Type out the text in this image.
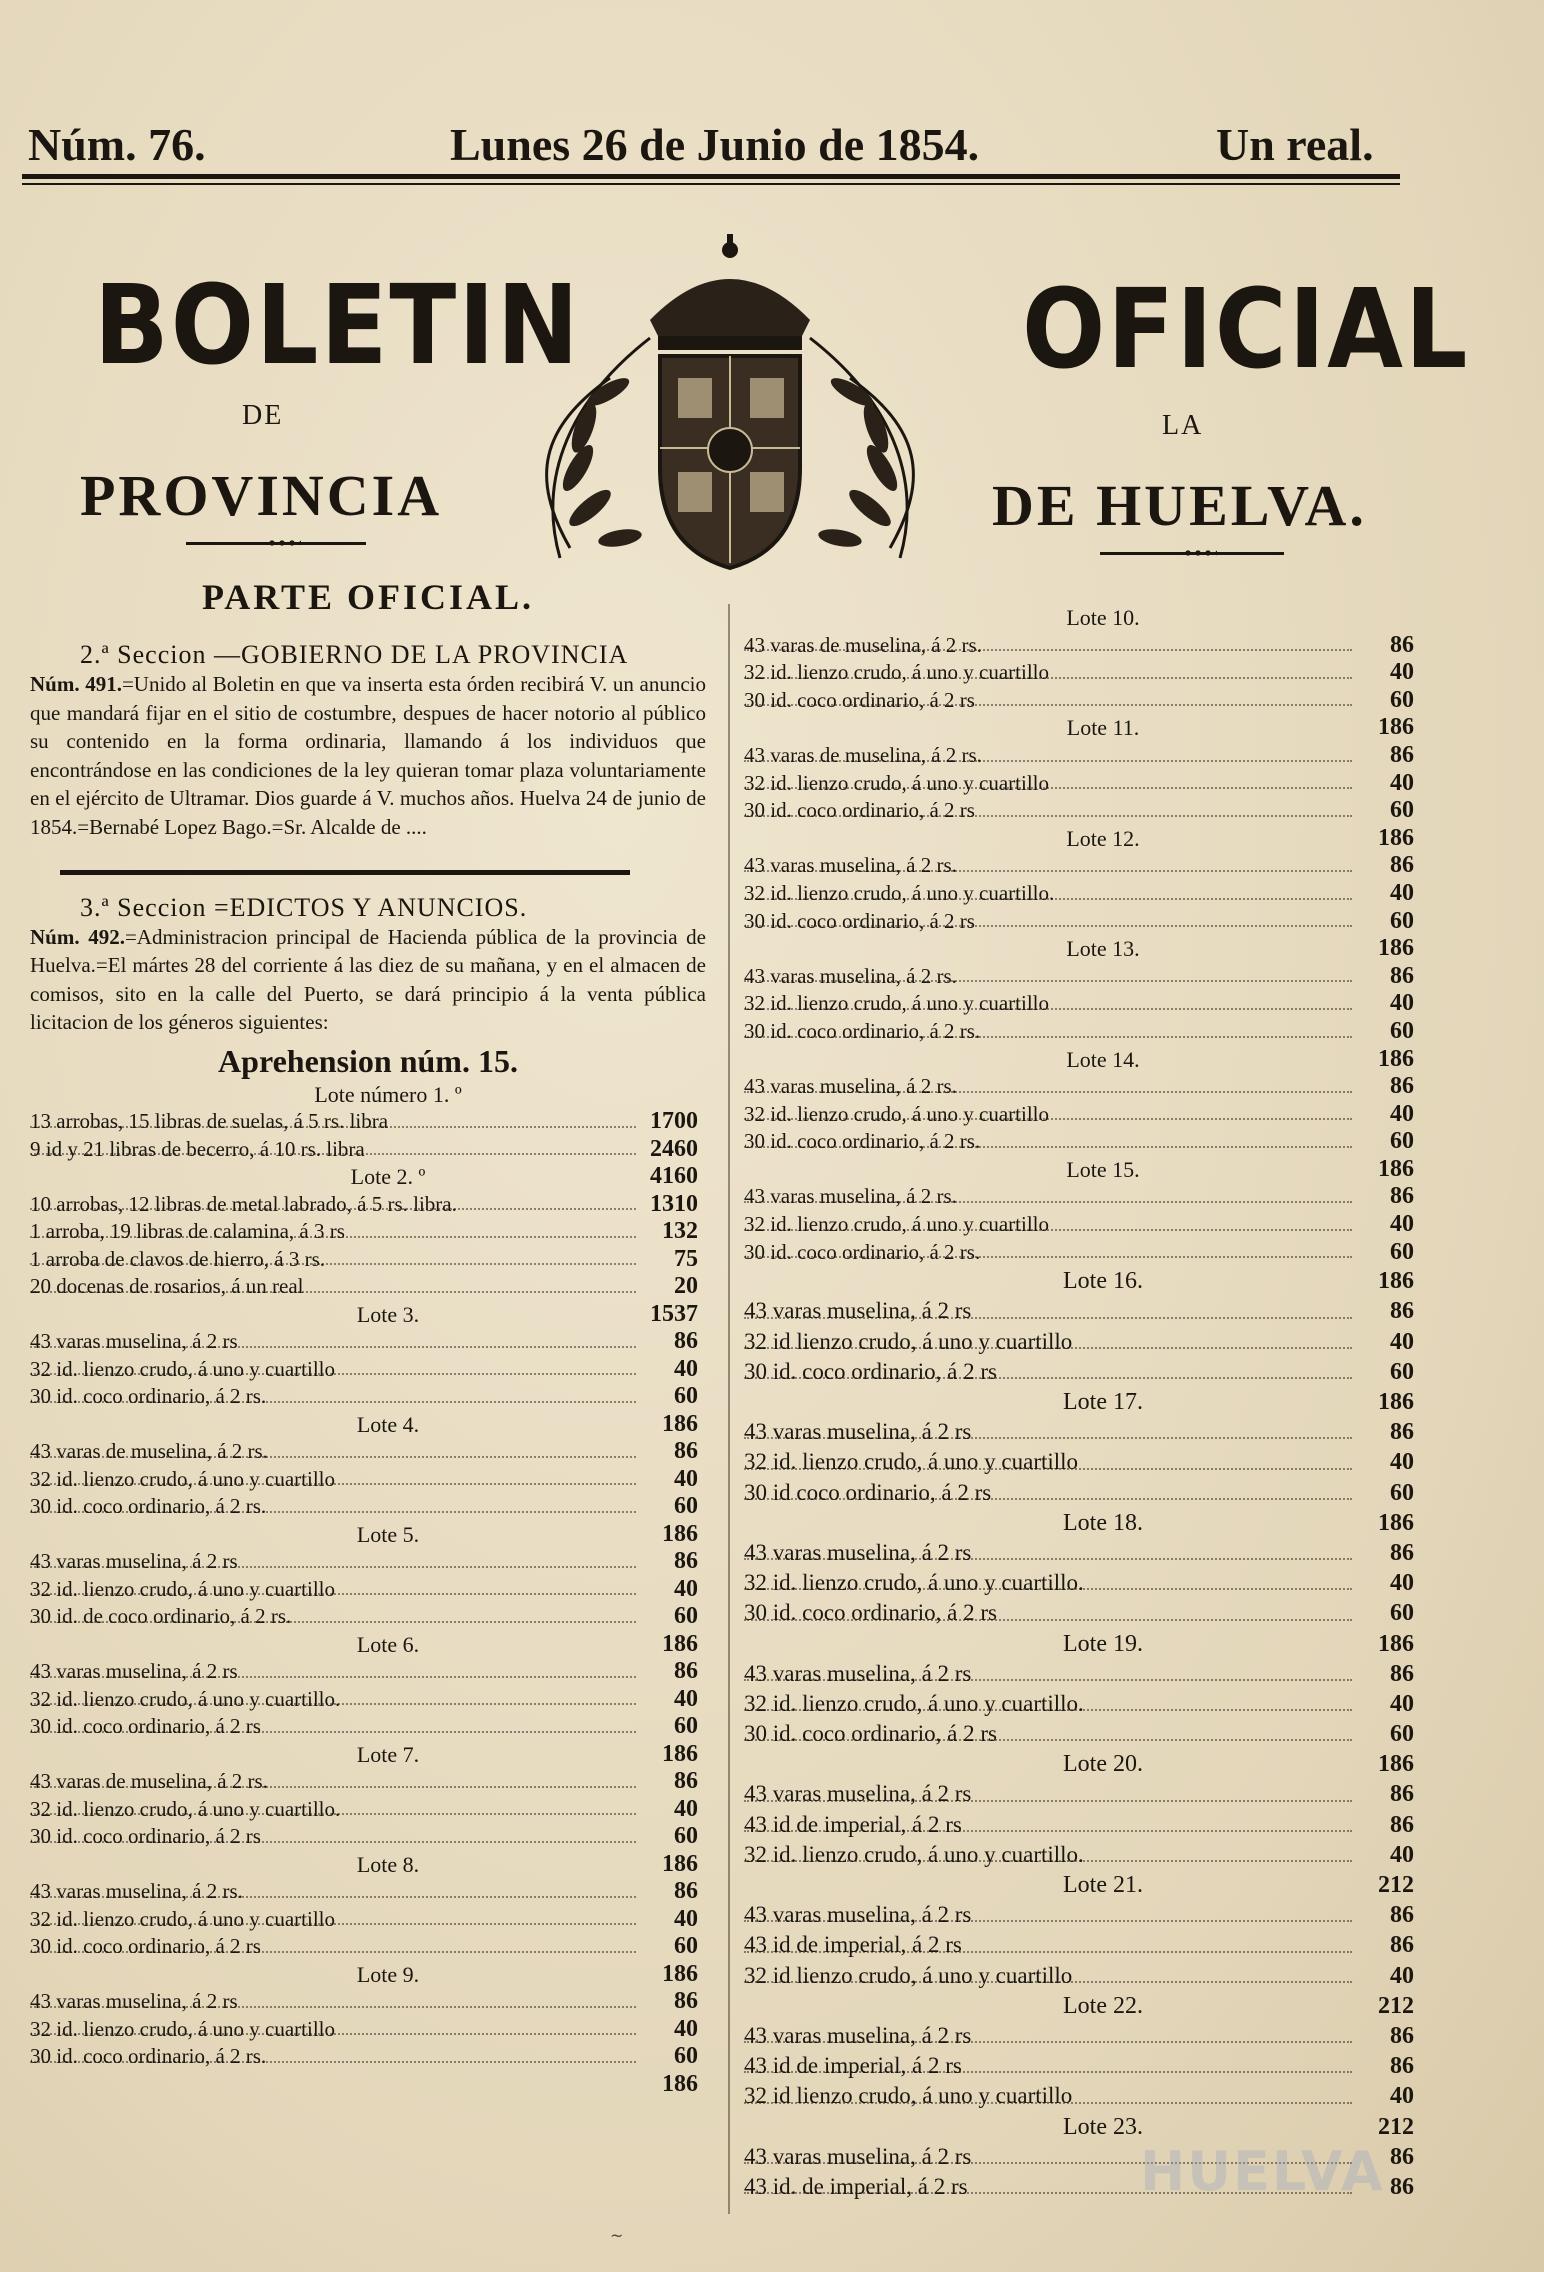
Núm. 76.	Lunes 26 de Junio de 1854.	Un real.
BOLETIN	OFICIAL
DE	LA
PROVINCIA	DE HUELVA.
PARTE OFICIAL.
2.ª Seccion —GOBIERNO DE LA PROVINCIA

Núm. 491.=Unido al Boletin en que va inserta esta órden recibirá V. un anuncio que mandará fijar en el sitio de costumbre, despues de hacer notorio al público su contenido en la forma ordinaria, llamando á los individuos que encontrándose en las condiciones de la ley quieran tomar plaza voluntariamente en el ejército de Ultramar. Dios guarde á V. muchos años. Huelva 24 de junio de 1854.=Bernabé Lopez Bago.=Sr. Alcalde de ....

3.ª Seccion =EDICTOS Y ANUNCIOS.

Núm. 492.=Administracion principal de Hacienda pública de la provincia de Huelva.=El mártes 28 del corriente á las diez de su mañana, y en el almacen de comisos, sito en la calle del Puerto, se dará principio á la venta pública licitacion de los géneros siguientes:

Aprehension núm. 15.
Lote número 1. º
13 arrobas, 15 libras de suelas, á 5 rs. libra	1700
9 id y 21 libras de becerro, á 10 rs. libra	2460
Lote 2. º	4160
10 arrobas, 12 libras de metal labrado, á 5 rs. libra.	1310
1 arroba, 19 libras de calamina, á 3 rs	132
1 arroba de clavos de hierro, á 3 rs.	75
20 docenas de rosarios, á un real	20
Lote 3.	1537
43 varas muselina, á 2 rs	86
32 id. lienzo crudo, á uno y cuartillo	40
30 id. coco ordinario, á 2 rs.	60
Lote 4.	186
43 varas de muselina, á 2 rs.	86
32 id. lienzo crudo, á uno y cuartillo	40
30 id. coco ordinario, á 2 rs.	60
Lote 5.	186
43 varas muselina, á 2 rs	86
32 id. lienzo crudo, á uno y cuartillo	40
30 id. de coco ordinario, á 2 rs.	60
Lote 6.	186
43 varas muselina, á 2 rs	86
32 id. lienzo crudo, á uno y cuartillo.	40
30 id. coco ordinario, á 2 rs	60
Lote 7.	186
43 varas de muselina, á 2 rs.	86
32 id. lienzo crudo, á uno y cuartillo.	40
30 id. coco ordinario, á 2 rs	60
Lote 8.	186
43 varas muselina, á 2 rs.	86
32 id. lienzo crudo, á uno y cuartillo	40
30 id. coco ordinario, á 2 rs	60
Lote 9.	186
43 varas muselina, á 2 rs	86
32 id. lienzo crudo, á uno y cuartillo	40
30 id. coco ordinario, á 2 rs.	60
186
Lote 10.
43 varas de muselina, á 2 rs.	86
32 id. lienzo crudo, á uno y cuartillo	40
30 id. coco ordinario, á 2 rs	60
Lote 11.	186
43 varas de muselina, á 2 rs.	86
32 id. lienzo crudo, á uno y cuartillo	40
30 id. coco ordinario, á 2 rs	60
Lote 12.	186
43 varas muselina, á 2 rs.	86
32 id. lienzo crudo, á uno y cuartillo.	40
30 id. coco ordinario, á 2 rs	60
Lote 13.	186
43 varas muselina, á 2 rs.	86
32 id. lienzo crudo, á uno y cuartillo	40
30 id. coco ordinario, á 2 rs.	60
Lote 14.	186
43 varas muselina, á 2 rs.	86
32 id. lienzo crudo, á uno y cuartillo	40
30 id. coco ordinario, á 2 rs.	60
Lote 15.	186
43 varas muselina, á 2 rs.	86
32 id. lienzo crudo, á uno y cuartillo	40
30 id. coco ordinario, á 2 rs.	60
Lote 16.	186
43 varas muselina, á 2 rs	86
32 id lienzo crudo, á uno y cuartillo	40
30 id. coco ordinario, á 2 rs	60
Lote 17.	186
43 varas muselina, á 2 rs	86
32 id. lienzo crudo, á uno y cuartillo	40
30 id coco ordinario, á 2 rs	60
Lote 18.	186
43 varas muselina, á 2 rs	86
32 id. lienzo crudo, á uno y cuartillo.	40
30 id. coco ordinario, á 2 rs	60
Lote 19.	186
43 varas muselina, á 2 rs	86
32 id. lienzo crudo, á uno y cuartillo.	40
30 id. coco ordinario, á 2 rs	60
Lote 20.	186
43 varas muselina, á 2 rs	86
43 id de imperial, á 2 rs	86
32 id. lienzo crudo, á uno y cuartillo.	40
Lote 21.	212
43 varas muselina, á 2 rs	86
43 id de imperial, á 2 rs	86
32 id lienzo crudo, á uno y cuartillo	40
Lote 22.	212
43 varas muselina, á 2 rs	86
43 id de imperial, á 2 rs	86
32 id lienzo crudo, á uno y cuartillo	40
Lote 23.	212
43 varas muselina, á 2 rs	86
43 id. de imperial, á 2 rs	86
~
HUELVA
